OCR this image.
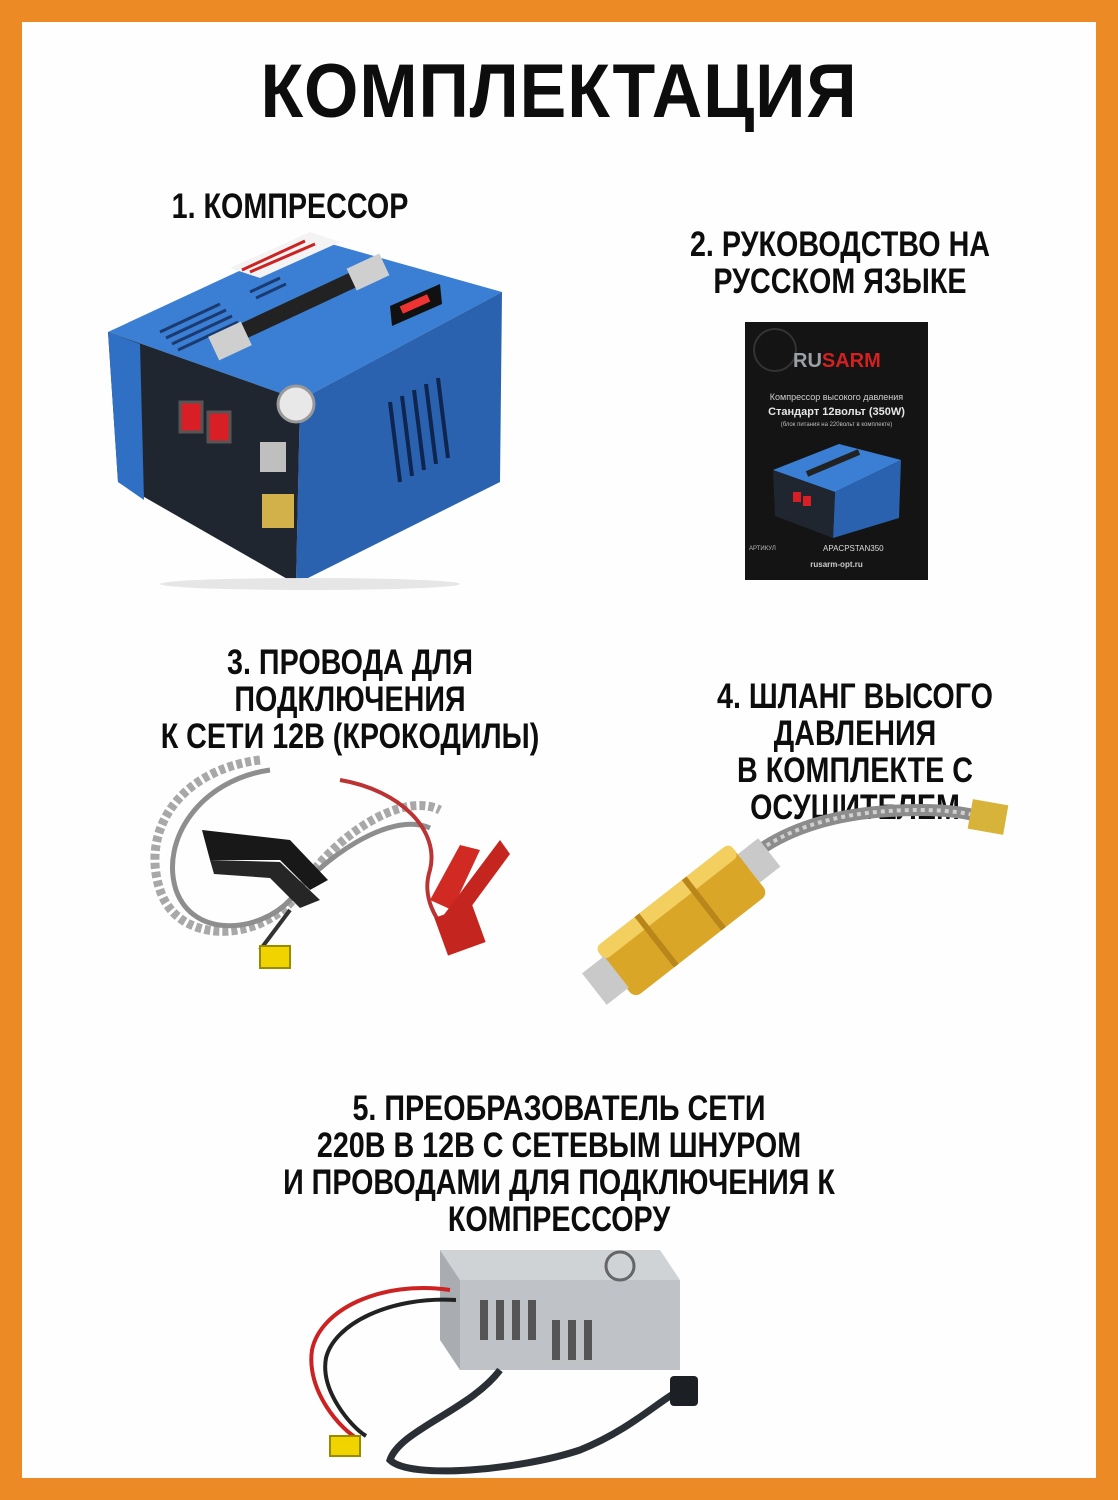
КОМПЛЕКТАЦИЯ
1. КОМПРЕССОР
2. РУКОВОДСТВО НА
РУССКОМ ЯЗЫКЕ
RUSARM
Компрессор высокого давления
Стандарт 12вольт (350W)
(блок питания на 220вольт в комплекте)
АРТИКУЛ	APACPSTAN350
rusarm-opt.ru
3. ПРОВОДА ДЛЯ ПОДКЛЮЧЕНИЯ
К СЕТИ 12В (КРОКОДИЛЫ)
4. ШЛАНГ ВЫСОГО ДАВЛЕНИЯ
В КОМПЛЕКТЕ С ОСУШИТЕЛЕМ
5. ПРЕОБРАЗОВАТЕЛЬ СЕТИ
220В В 12В С СЕТЕВЫМ ШНУРОМ
И ПРОВОДАМИ ДЛЯ ПОДКЛЮЧЕНИЯ К КОМПРЕССОРУ
